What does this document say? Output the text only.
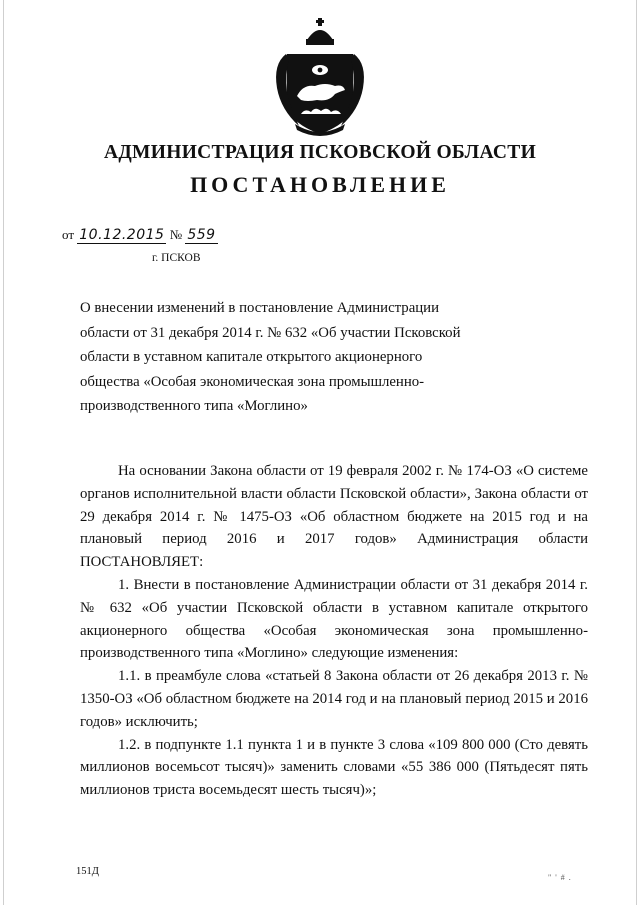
АДМИНИСТРАЦИЯ ПСКОВСКОЙ ОБЛАСТИ
ПОСТАНОВЛЕНИЕ
от 10.12.2015 № 559
г. ПСКОВ

О внесении изменений в постановление Администрации

области от 31 декабря 2014 г. № 632 «Об участии Псковской

области в уставном капитале открытого акционерного

общества «Особая экономическая зона промышленно-

производственного типа «Моглино»

На основании Закона области от 19 февраля 2002 г. № 174-ОЗ «О системе органов исполнительной власти области Псковской области», Закона области от 29 декабря 2014 г. № 1475-ОЗ «Об областном бюджете на 2015 год и на плановый период 2016 и 2017 годов» Администрация области ПОСТАНОВЛЯЕТ:

1. Внести в постановление Администрации области от 31 декабря 2014 г. № 632 «Об участии Псковской области в уставном капитале открытого акционерного общества «Особая экономическая зона промышленно-производственного типа «Моглино» следующие изменения:

1.1. в преамбуле слова «статьей 8 Закона области от 26 декабря 2013 г. № 1350-ОЗ «Об областном бюджете на 2014 год и на плановый период 2015 и 2016 годов» исключить;

1.2. в подпункте 1.1 пункта 1 и в пункте 3 слова «109 800 000 (Сто девять миллионов восемьсот тысяч)» заменить словами «55 386 000 (Пятьдесят пять миллионов триста восемьдесят шесть тысяч)»;

151Д
" ' # .
